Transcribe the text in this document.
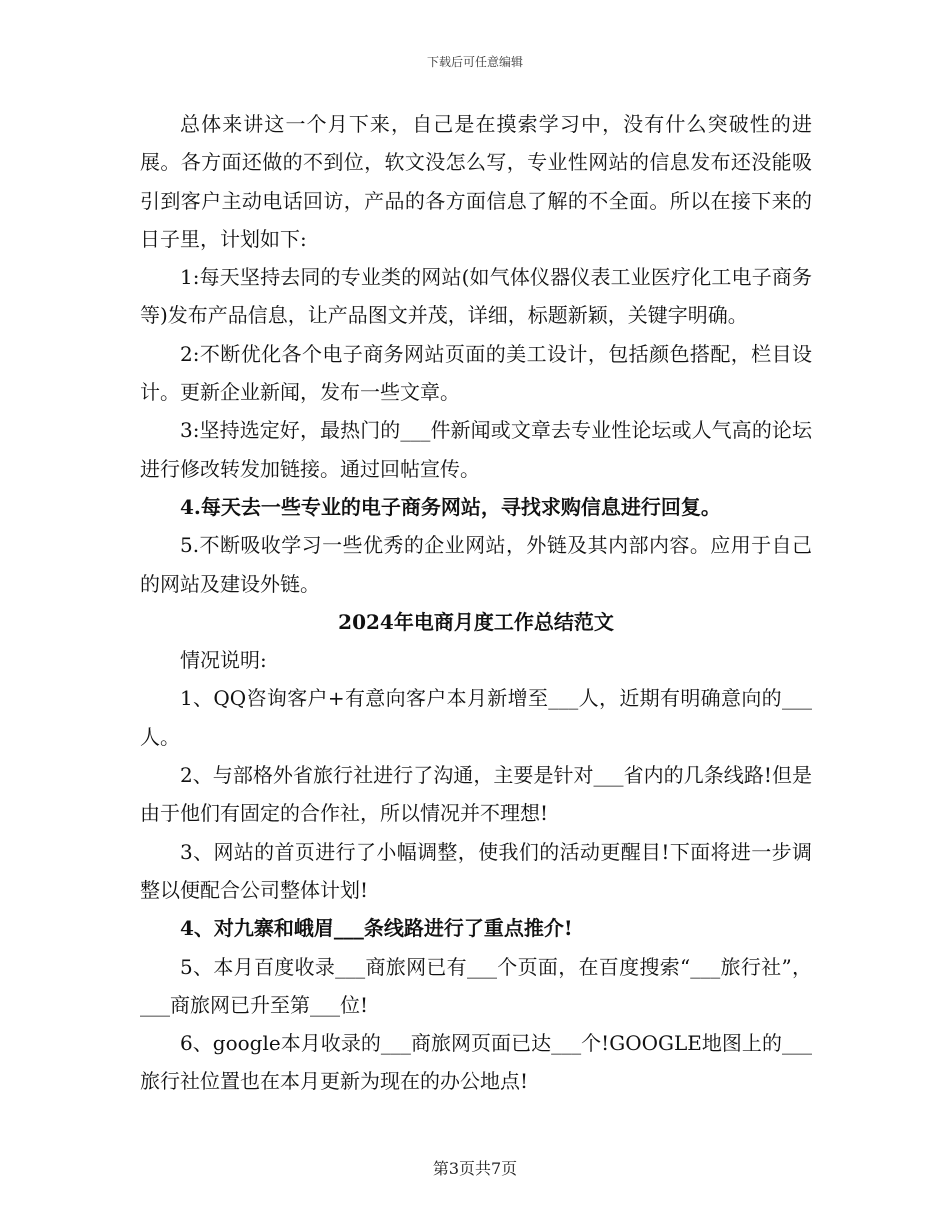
下载后可任意编辑

总体来讲这一个月下来，自己是在摸索学习中，没有什么突破性的进展。各方面还做的不到位，软文没怎么写，专业性网站的信息发布还没能吸引到客户主动电话回访，产品的各方面信息了解的不全面。所以在接下来的日子里，计划如下:

1:每天坚持去同的专业类的网站(如气体仪器仪表工业医疗化工电子商务等)发布产品信息，让产品图文并茂，详细，标题新颖，关键字明确。

2:不断优化各个电子商务网站页面的美工设计，包括颜色搭配，栏目设计。更新企业新闻，发布一些文章。

3:坚持选定好，最热门的___件新闻或文章去专业性论坛或人气高的论坛进行修改转发加链接。通过回帖宣传。

4.每天去一些专业的电子商务网站，寻找求购信息进行回复。

5.不断吸收学习一些优秀的企业网站，外链及其内部内容。应用于自己的网站及建设外链。

2024年电商月度工作总结范文

情况说明:

1、QQ咨询客户+有意向客户本月新增至___人，近期有明确意向的___人。

2、与部格外省旅行社进行了沟通，主要是针对___省内的几条线路!但是由于他们有固定的合作社，所以情况并不理想!

3、网站的首页进行了小幅调整，使我们的活动更醒目!下面将进一步调整以便配合公司整体计划!

4、对九寨和峨眉___条线路进行了重点推介!

5、本月百度收录___商旅网已有___个页面，在百度搜索“___旅行社”，___商旅网已升至第___位!

6、google本月收录的___商旅网页面已达___个!GOOGLE地图上的___旅行社位置也在本月更新为现在的办公地点!

第3页共7页
